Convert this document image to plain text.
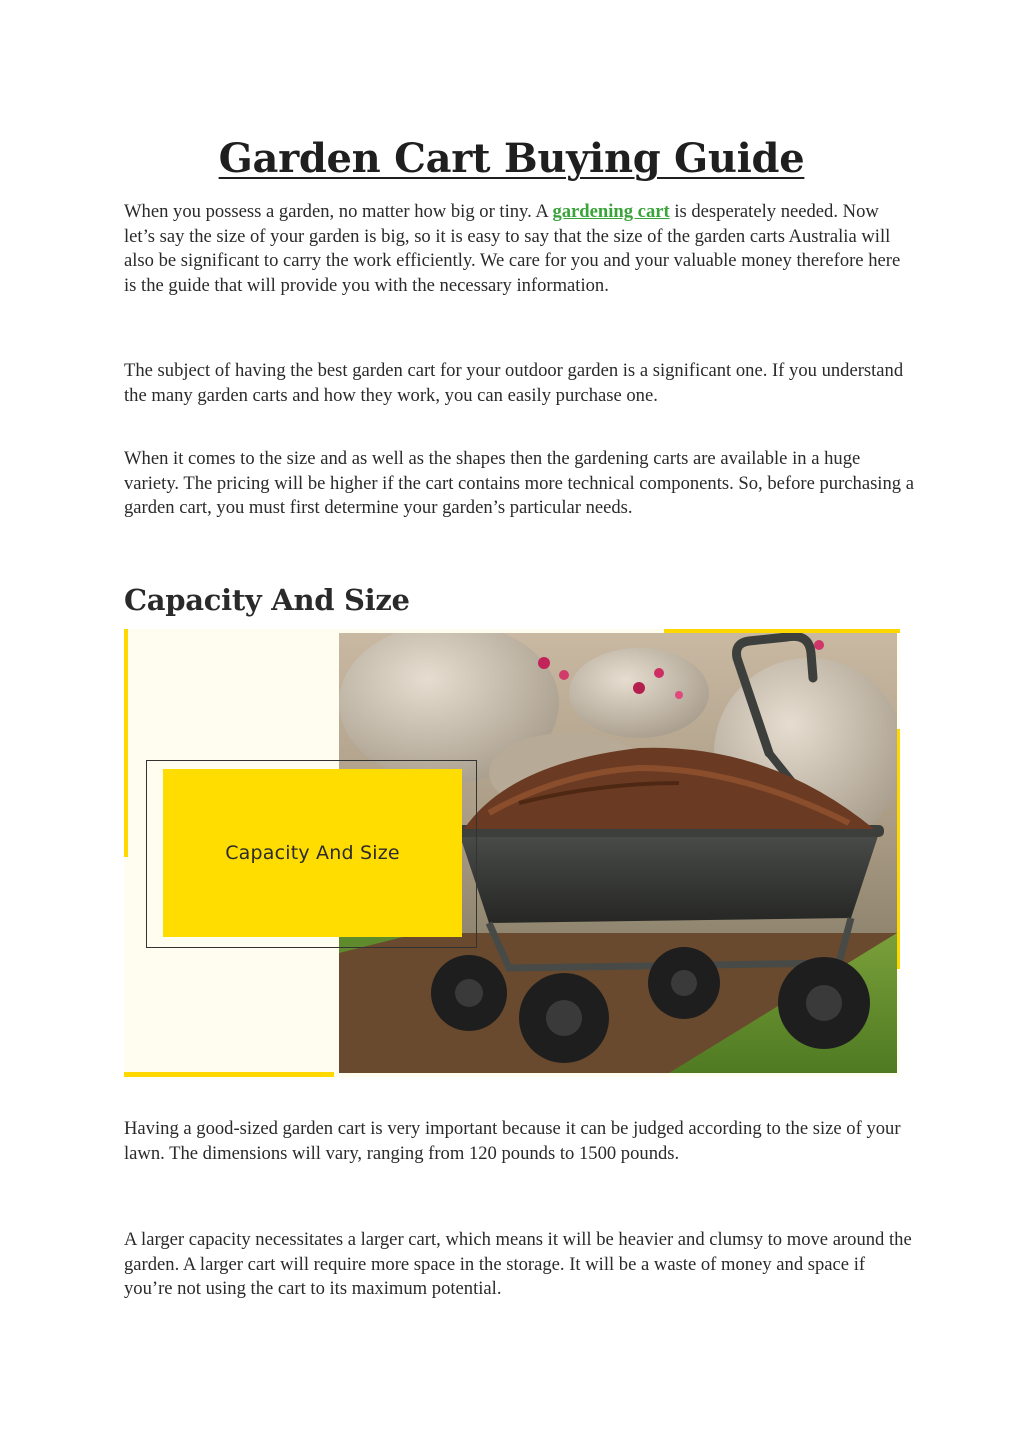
Garden Cart Buying Guide

When you possess a garden, no matter how big or tiny. A gardening cart is desperately needed. Now let’s say the size of your garden is big, so it is easy to say that the size of the garden carts Australia will also be significant to carry the work efficiently. We care for you and your valuable money therefore here is the guide that will provide you with the necessary information.

The subject of having the best garden cart for your outdoor garden is a significant one. If you understand the many garden carts and how they work, you can easily purchase one.

When it comes to the size and as well as the shapes then the gardening carts are available in a huge variety. The pricing will be higher if the cart contains more technical components. So, before purchasing a garden cart, you must first determine your garden’s particular needs.

Capacity And Size
Capacity And Size

Having a good-sized garden cart is very important because it can be judged according to the size of your lawn. The dimensions will vary, ranging from 120 pounds to 1500 pounds.

A larger capacity necessitates a larger cart, which means it will be heavier and clumsy to move around the garden. A larger cart will require more space in the storage. It will be a waste of money and space if you’re not using the cart to its maximum potential.
